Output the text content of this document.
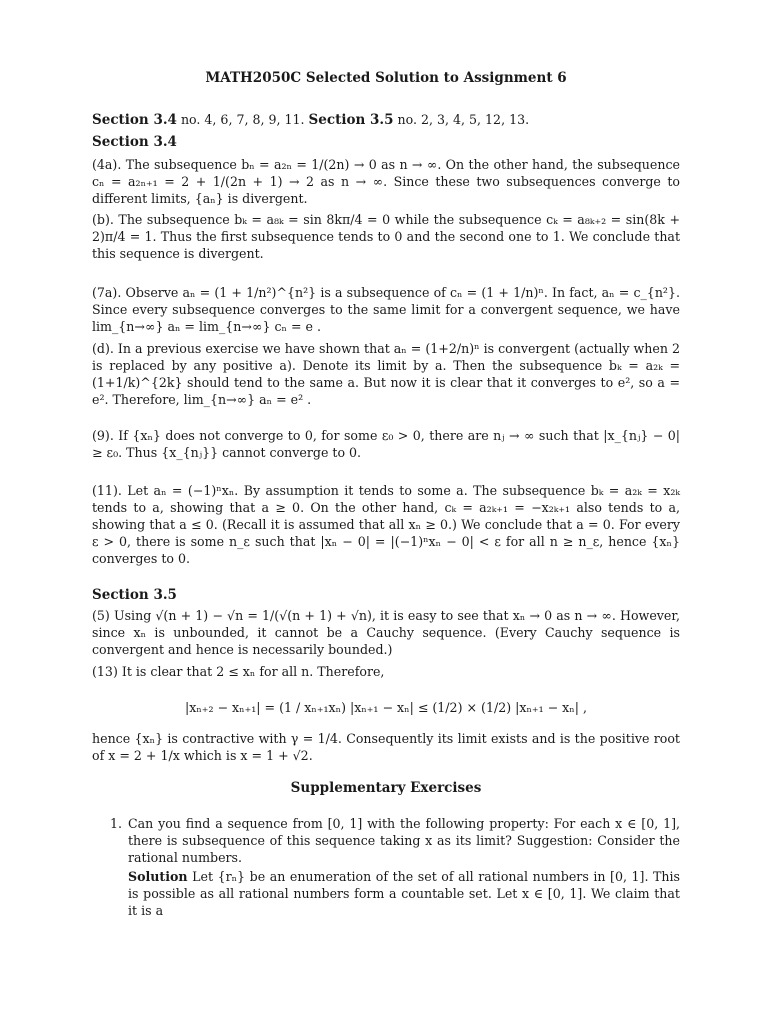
MATH2050C Selected Solution to Assignment 6
Section 3.4 no. 4, 6, 7, 8, 9, 11. Section 3.5 no. 2, 3, 4, 5, 12, 13.
Section 3.4

(4a). The subsequence bₙ = a₂ₙ = 1/(2n) → 0 as n → ∞. On the other hand, the subsequence cₙ = a₂ₙ₊₁ = 2 + 1/(2n + 1) → 2 as n → ∞. Since these two subsequences converge to different limits, {aₙ} is divergent.

(b). The subsequence bₖ = a₈ₖ = sin 8kπ/4 = 0 while the subsequence cₖ = a₈ₖ₊₂ = sin(8k + 2)π/4 = 1. Thus the first subsequence tends to 0 and the second one to 1. We conclude that this sequence is divergent.

(7a). Observe aₙ = (1 + 1/n²)^{n²} is a subsequence of cₙ = (1 + 1/n)ⁿ. In fact, aₙ = c_{n²}. Since every subsequence converges to the same limit for a convergent sequence, we have lim_{n→∞} aₙ = lim_{n→∞} cₙ = e .

(d). In a previous exercise we have shown that aₙ = (1+2/n)ⁿ is convergent (actually when 2 is replaced by any positive a). Denote its limit by a. Then the subsequence bₖ = a₂ₖ = (1+1/k)^{2k} should tend to the same a. But now it is clear that it converges to e², so a = e². Therefore, lim_{n→∞} aₙ = e² .

(9). If {xₙ} does not converge to 0, for some ε₀ > 0, there are nⱼ → ∞ such that |x_{nⱼ} − 0| ≥ ε₀. Thus {x_{nⱼ}} cannot converge to 0.

(11). Let aₙ = (−1)ⁿxₙ. By assumption it tends to some a. The subsequence bₖ = a₂ₖ = x₂ₖ tends to a, showing that a ≥ 0. On the other hand, cₖ = a₂ₖ₊₁ = −x₂ₖ₊₁ also tends to a, showing that a ≤ 0. (Recall it is assumed that all xₙ ≥ 0.) We conclude that a = 0. For every ε > 0, there is some n_ε such that |xₙ − 0| = |(−1)ⁿxₙ − 0| < ε for all n ≥ n_ε, hence {xₙ} converges to 0.

Section 3.5

(5) Using √(n + 1) − √n = 1/(√(n + 1) + √n), it is easy to see that xₙ → 0 as n → ∞. However, since xₙ is unbounded, it cannot be a Cauchy sequence. (Every Cauchy sequence is convergent and hence is necessarily bounded.)

(13) It is clear that 2 ≤ xₙ for all n. Therefore,

|xₙ₊₂ − xₙ₊₁| = (1 / xₙ₊₁xₙ) |xₙ₊₁ − xₙ| ≤ (1/2) × (1/2) |xₙ₊₁ − xₙ| ,

hence {xₙ} is contractive with γ = 1/4. Consequently its limit exists and is the positive root of x = 2 + 1/x which is x = 1 + √2.

Supplementary Exercises
1. Can you find a sequence from [0, 1] with the following property: For each x ∈ [0, 1], there is subsequence of this sequence taking x as its limit? Suggestion: Consider the rational numbers.

Solution Let {rₙ} be an enumeration of the set of all rational numbers in [0, 1]. This is possible as all rational numbers form a countable set. Let x ∈ [0, 1]. We claim that it is a
